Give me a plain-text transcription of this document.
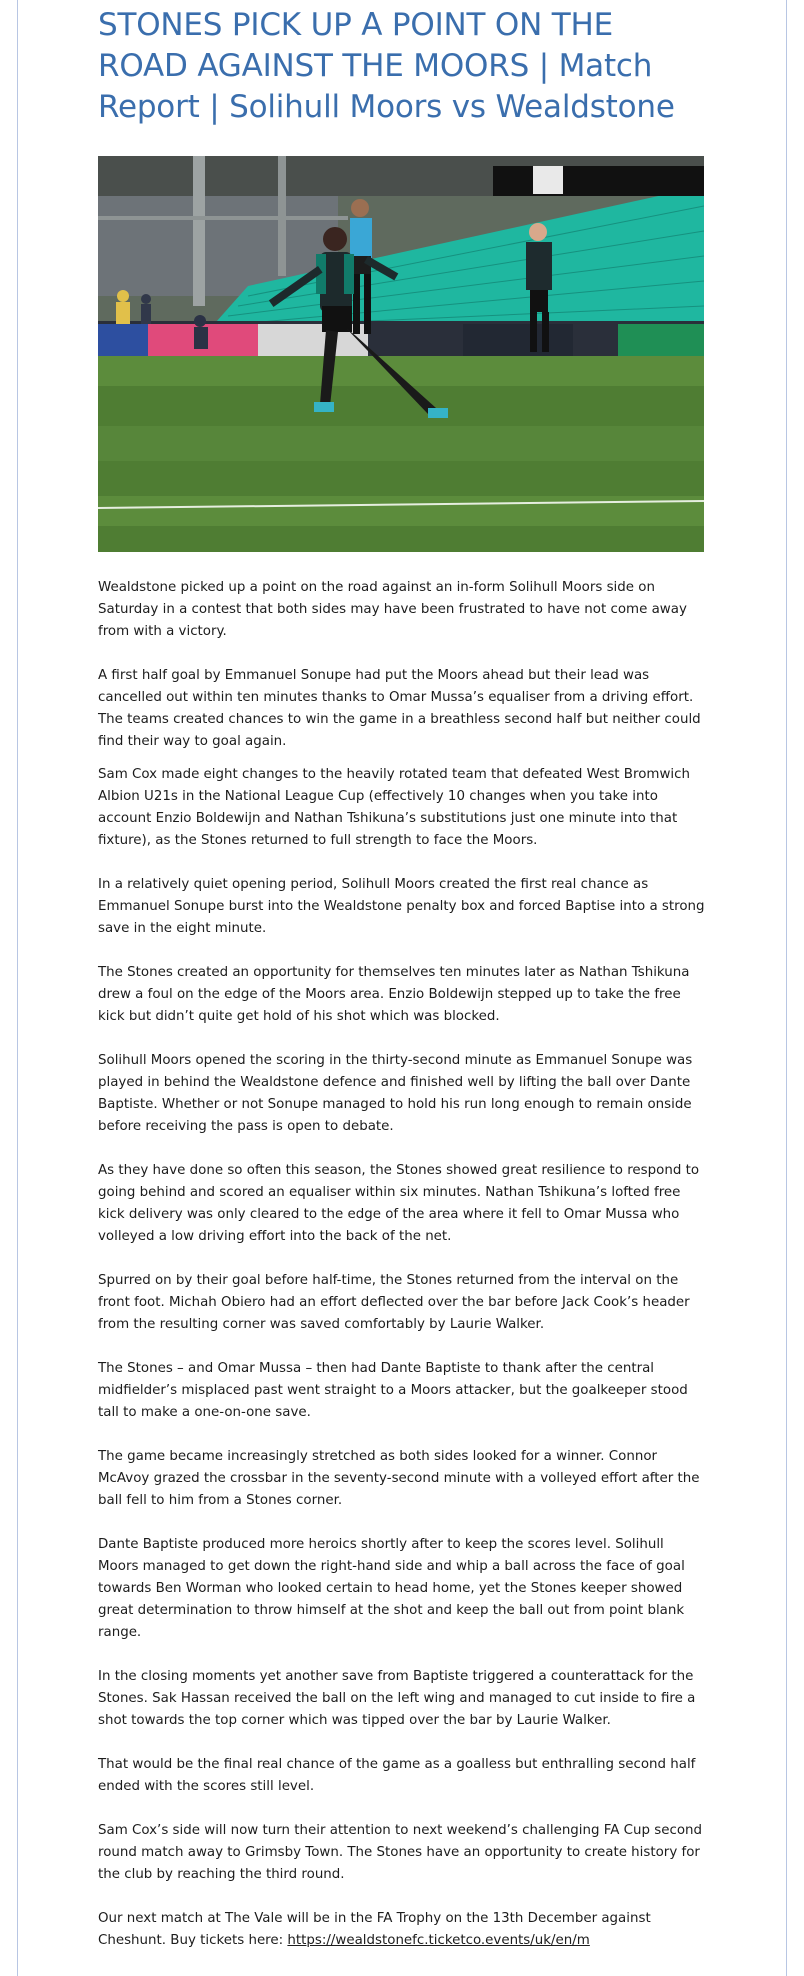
STONES PICK UP A POINT ON THE ROAD AGAINST THE MOORS | Match Report | Solihull Moors vs Wealdstone

Wealdstone picked up a point on the road against an in-form Solihull Moors side on Saturday in a contest that both sides may have been frustrated to have not come away from with a victory.

A first half goal by Emmanuel Sonupe had put the Moors ahead but their lead was cancelled out within ten minutes thanks to Omar Mussa’s equaliser from a driving effort. The teams created chances to win the game in a breathless second half but neither could find their way to goal again.

Sam Cox made eight changes to the heavily rotated team that defeated West Bromwich Albion U21s in the National League Cup (effectively 10 changes when you take into account Enzio Boldewijn and Nathan Tshikuna’s substitutions just one minute into that fixture), as the Stones returned to full strength to face the Moors.

In a relatively quiet opening period, Solihull Moors created the first real chance as Emmanuel Sonupe burst into the Wealdstone penalty box and forced Baptise into a strong save in the eight minute.

The Stones created an opportunity for themselves ten minutes later as Nathan Tshikuna drew a foul on the edge of the Moors area. Enzio Boldewijn stepped up to take the free kick but didn’t quite get hold of his shot which was blocked.

Solihull Moors opened the scoring in the thirty-second minute as Emmanuel Sonupe was played in behind the Wealdstone defence and finished well by lifting the ball over Dante Baptiste. Whether or not Sonupe managed to hold his run long enough to remain onside before receiving the pass is open to debate.

As they have done so often this season, the Stones showed great resilience to respond to going behind and scored an equaliser within six minutes. Nathan Tshikuna’s lofted free kick delivery was only cleared to the edge of the area where it fell to Omar Mussa who volleyed a low driving effort into the back of the net.

Spurred on by their goal before half-time, the Stones returned from the interval on the front foot. Michah Obiero had an effort deflected over the bar before Jack Cook’s header from the resulting corner was saved comfortably by Laurie Walker.

The Stones – and Omar Mussa – then had Dante Baptiste to thank after the central midfielder’s misplaced past went straight to a Moors attacker, but the goalkeeper stood tall to make a one-on-one save.

The game became increasingly stretched as both sides looked for a winner. Connor McAvoy grazed the crossbar in the seventy-second minute with a volleyed effort after the ball fell to him from a Stones corner.

Dante Baptiste produced more heroics shortly after to keep the scores level. Solihull Moors managed to get down the right-hand side and whip a ball across the face of goal towards Ben Worman who looked certain to head home, yet the Stones keeper showed great determination to throw himself at the shot and keep the ball out from point blank range.

In the closing moments yet another save from Baptiste triggered a counterattack for the Stones. Sak Hassan received the ball on the left wing and managed to cut inside to fire a shot towards the top corner which was tipped over the bar by Laurie Walker.

That would be the final real chance of the game as a goalless but enthralling second half ended with the scores still level.

Sam Cox’s side will now turn their attention to next weekend’s challenging FA Cup second round match away to Grimsby Town. The Stones have an opportunity to create history for the club by reaching the third round.

Our next match at The Vale will be in the FA Trophy on the 13th December against Cheshunt. Buy tickets here: https://wealdstonefc.ticketco.events/uk/en/m
